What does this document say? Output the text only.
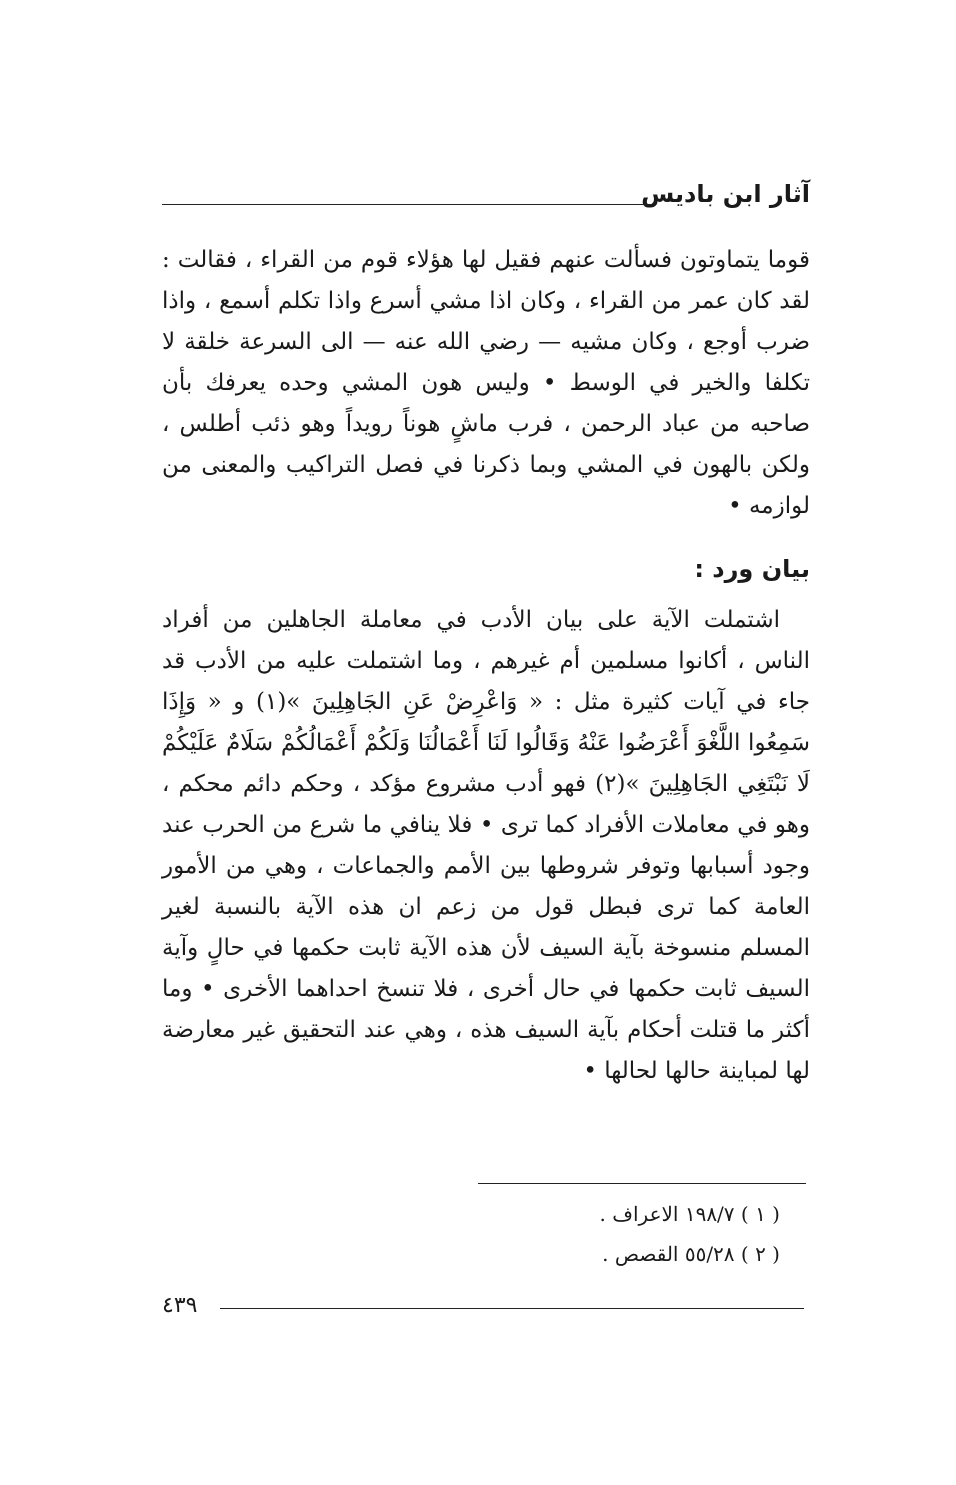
آثار ابن باديس

قوما يتماوتون فسألت عنهم فقيل لها هؤلاء قوم من القراء ، فقالت : لقد كان عمر من القراء ، وكان اذا مشي أسرع واذا تكلم أسمع ، واذا ضرب أوجع ، وكان مشيه — رضي الله عنه — الى السرعة خلقة لا تكلفا والخير في الوسط • وليس هون المشي وحده يعرفك بأن صاحبه من عباد الرحمن ، فرب ماشٍ هوناً رويداً وهو ذئب أطلس ، ولكن بالهون في المشي وبما ذكرنا في فصل التراكيب والمعنى من لوازمه •

بيان ورد :

اشتملت الآية على بيان الأدب في معاملة الجاهلين من أفراد الناس ، أكانوا مسلمين أم غيرهم ، وما اشتملت عليه من الأدب قد جاء في آيات كثيرة مثل : « وَاعْرِضْ عَنِ الجَاهِلِينَ »(١) و « وَإِذَا سَمِعُوا اللَّغْوَ أَعْرَضُوا عَنْهُ وَقَالُوا لَنَا أَعْمَالُنَا وَلَكُمْ أَعْمَالُكُمْ سَلَامٌ عَلَيْكُمْ لَا نَبْتَغِي الجَاهِلِينَ »(٢) فهو أدب مشروع مؤكد ، وحكم دائم محكم ، وهو في معاملات الأفراد كما ترى • فلا ينافي ما شرع من الحرب عند وجود أسبابها وتوفر شروطها بين الأمم والجماعات ، وهي من الأمور العامة كما ترى فبطل قول من زعم ان هذه الآية بالنسبة لغير المسلم منسوخة بآية السيف لأن هذه الآية ثابت حكمها في حالٍ وآية السيف ثابت حكمها في حال أخرى ، فلا تنسخ احداهما الأخرى • وما أكثر ما قتلت أحكام بآية السيف هذه ، وهي عند التحقيق غير معارضة لها لمباينة حالها لحالها •

( ١ ) ١٩٨/٧ الاعراف .
( ٢ ) ٥٥/٢٨ القصص .
٤٣٩
